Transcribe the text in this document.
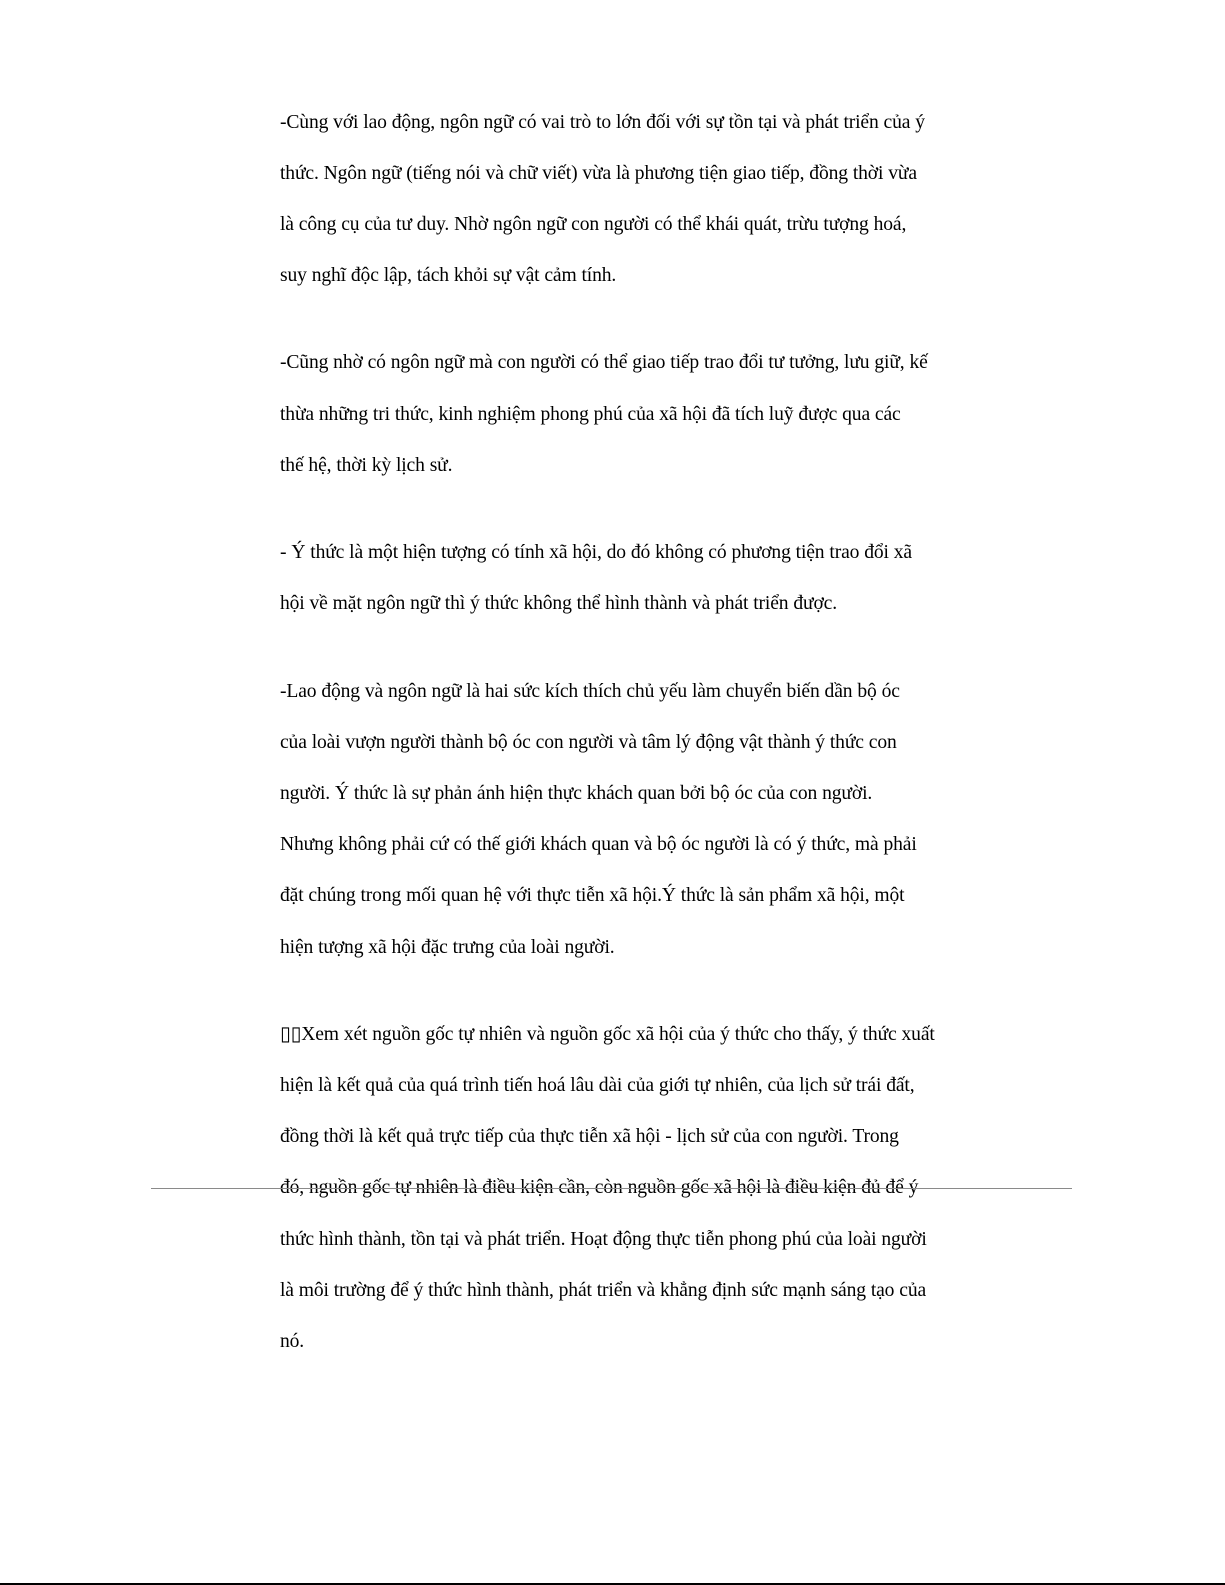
-Cùng với lao động, ngôn ngữ có vai trò to lớn đối với sự tồn tại và phát triển của ý

thức. Ngôn ngữ (tiếng nói và chữ viết) vừa là phương tiện giao tiếp, đồng thời vừa

là công cụ của tư duy. Nhờ ngôn ngữ con người có thể khái quát, trừu tượng hoá,

suy nghĩ độc lập, tách khỏi sự vật cảm tính.

-Cũng nhờ có ngôn ngữ mà con người có thể giao tiếp trao đổi tư tưởng, lưu giữ, kế

thừa những tri thức, kinh nghiệm phong phú của xã hội đã tích luỹ được qua các

thế hệ, thời kỳ lịch sử.

- Ý thức là một hiện tượng có tính xã hội, do đó không có phương tiện trao đổi xã

hội về mặt ngôn ngữ thì ý thức không thể hình thành và phát triển được.

-Lao động và ngôn ngữ là hai sức kích thích chủ yếu làm chuyển biến dần bộ óc

của loài vượn người thành bộ óc con người và tâm lý động vật thành ý thức con

người. Ý thức là sự phản ánh hiện thực khách quan bởi bộ óc của con người.

Nhưng không phải cứ có thế giới khách quan và bộ óc người là có ý thức, mà phải

đặt chúng trong mối quan hệ với thực tiễn xã hội.Ý thức là sản phẩm xã hội, một

hiện tượng xã hội đặc trưng của loài người.

▯▯Xem xét nguồn gốc tự nhiên và nguồn gốc xã hội của ý thức cho thấy, ý thức xuất

hiện là kết quả của quá trình tiến hoá lâu dài của giới tự nhiên, của lịch sử trái đất,

đồng thời là kết quả trực tiếp của thực tiễn xã hội - lịch sử của con người. Trong

đó, nguồn gốc tự nhiên là điều kiện cần, còn nguồn gốc xã hội là điều kiện đủ để ý

thức hình thành, tồn tại và phát triển. Hoạt động thực tiễn phong phú của loài người

là môi trường để ý thức hình thành, phát triển và khẳng định sức mạnh sáng tạo của

nó.
